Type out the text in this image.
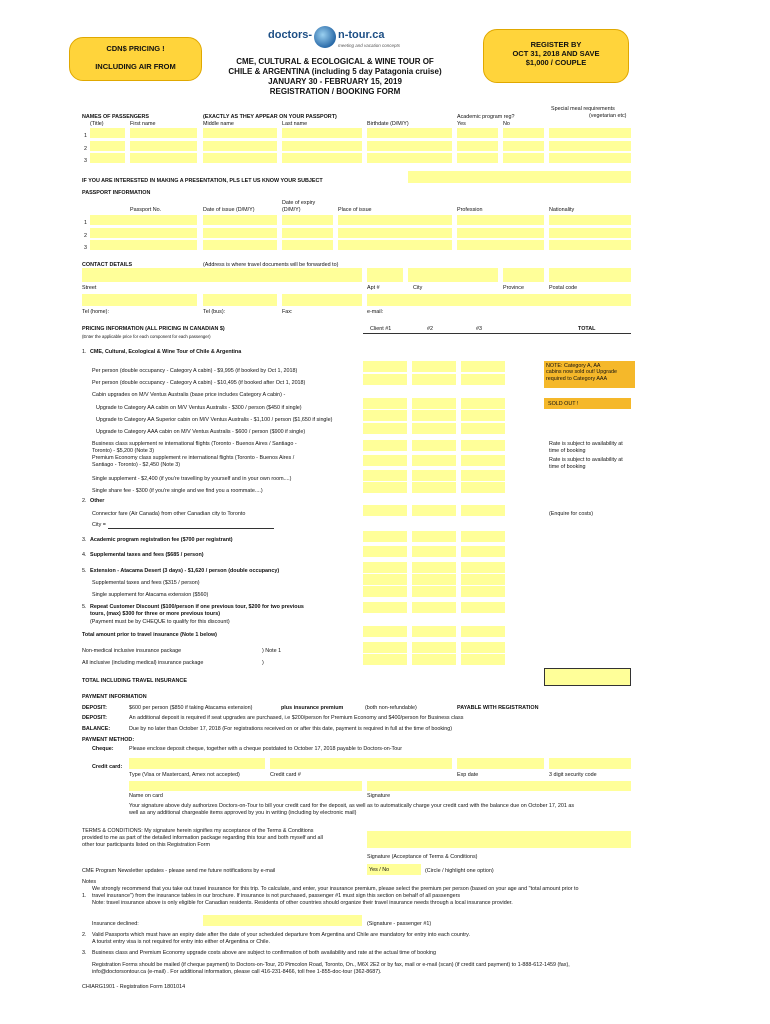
CDN$ PRICING !
INCLUDING AIR FROM
doctors- n-tour.ca
meeting and vacation concepts
CME, CULTURAL & ECOLOGICAL & WINE TOUR OF
CHILE & ARGENTINA (including 5 day Patagonia cruise)
JANUARY 30 - FEBRUARY 15, 2019
REGISTRATION / BOOKING FORM
REGISTER BY
OCT 31, 2018 AND SAVE
$1,000 / COUPLE
Special meal requirements
(vegetarian etc)
NAMES OF PASSENGERS	(EXACTLY AS THEY APPEAR ON YOUR PASSPORT)
(Title)	First name	Middle name	Last name	Birthdate (D/M/Y)
Academic program reg?
Yes	No
1
2
3
IF YOU ARE INTERESTED IN MAKING A PRESENTATION, PLS LET US KNOW YOUR SUBJECT
PASSPORT INFORMATION
Passport No.	Date of issue (D/M/Y)
Date of expiry
(D/M/Y)	Place of issue	Profession	Nationality
1
2
3
CONTACT DETAILS	(Address is where travel documents will be forwarded to)
Street	Apt #	City	Province	Postal code
Tel (home):	Tel (bus):	Fax:	e-mail:
PRICING INFORMATION (ALL PRICING IN CANADIAN $)
(Enter the applicable price for each component for each passenger)
Client #1	#2	#3	TOTAL
1. CME, Cultural, Ecological & Wine Tour of Chile & Argentina
Per person (double occupancy - Category A cabin) - $9,995 (if booked by Oct 1, 2018)
NOTE: Category A, AA
cabins now sold out! Upgrade
required to Category AAA
Per person (double occupancy - Category A cabin) - $10,495 (if booked after Oct 1, 2018)
Cabin upgrades on M/V Ventus Australis (base price includes Category A cabin) -
Upgrade to Category AA cabin on M/V Ventus Australis - $300 / person ($450 if single)
SOLD OUT !
Upgrade to Category AA Superior cabin on M/V Ventus Australis - $1,100 / person ($1,650 if single)
Upgrade to Category AAA cabin on M/V Ventus Australis - $600 / person ($900 if single)
Business class supplement re international flights (Toronto - Buenos Aires / Santiago -
Toronto) - $5,200 (Note 3)
Rate is subject to availability at
time of booking
Premium Economy class supplement re international flights (Toronto - Buenos Aires /
Santiago - Toronto) - $2,450 (Note 3)
Rate is subject to availability at
time of booking
Single supplement - $2,400 (if you're travelling by yourself and in your own room....)
Single share fee - $300 (if you're single and we find you a roommate....)
2. Other
Connector fare (Air Canada) from other Canadian city to Toronto	(Enquire for costs)
City =
3. Academic program registration fee ($700 per registrant)
4. Supplemental taxes and fees ($685 / person)
5. Extension - Atacama Desert (3 days) - $1,620 / person (double occupancy)
Supplemental taxes and fees ($315 / person)
Single supplement for Atacama extension ($560)
5. Repeat Customer Discount ($100/person if one previous tour, $200 for two previous
tours, (max) $300 for three or more previous tours)
(Payment must be by CHEQUE to qualify for this discount)
Total amount prior to travel insurance (Note 1 below)
Non-medical inclusive insurance package	) Note 1
All inclusive (including medical) insurance package	)
TOTAL INCLUDING TRAVEL INSURANCE
PAYMENT INFORMATION
DEPOSIT:	$600 per person ($850 if taking Atacama extension)	plus insurance premium	(both non-refundable)	PAYABLE WITH REGISTRATION
DEPOSIT:	An additional deposit is required if seat upgrades are purchased, i.e $200/person for Premium Economy and $400/person for Business class
BALANCE:	Due by no later than October 17, 2018 (For registrations received on or after this date, payment is required in full at the time of booking)
PAYMENT METHOD:
Cheque:	Please enclose deposit cheque, together with a cheque postdated to October 17, 2018 payable to Doctors-on-Tour
Credit card:
Type (Visa or Mastercard, Amex not accepted)	Credit card #	Exp date	3 digit security code
Name on card	Signature
Your signature above duly authorizes Doctors-on-Tour to bill your credit card for the deposit, as well as to automatically charge your credit card with the balance due on October 17, 201 as
well as any additional chargeable items approved by you in writing (including by electronic mail)
TERMS & CONDITIONS: My signature herein signifies my acceptance of the Terms & Conditions
provided to me as part of the detailed information package regarding this tour and both myself and all
other tour participants listed on this Registration Form
Signature (Acceptance of Terms & Conditions)
CME Program Newsletter updates - please send me future notifications by e-mail	Yes / No	(Circle / highlight one option)
Notes
We strongly recommend that you take out travel insurance for this trip. To calculate, and enter, your insurance premium, please select the premium per person (based on your age and "total amount prior to
1. travel insurance") from the insurance tables in our brochure. If insurance is not purchased, passenger #1 must sign this section on behalf of all passengers
Note: travel insurance above is only eligible for Canadian residents. Residents of other countries should organize their travel insurance needs through a local insurance provider.
Insurance declined:	(Signature - passenger #1)
2. Valid Passports which must have an expiry date after the date of your scheduled departure from Argentina and Chile are mandatory for entry into each country.
A tourist entry visa is not required for entry into either of Argentina or Chile.
3. Business class and Premium Economy upgrade costs above are subject to confirmation of both availability and rate at the actual time of booking
Registration Forms should be mailed (if cheque payment) to Doctors-on-Tour, 20 Pimcolon Road, Toronto, On., M6X 2E2 or by fax, mail or e-mail (scan) (if credit card payment) to 1-888-612-1459 (fax),
info@doctorsontour.ca (e-mail) . For additional information, please call 416-231-8466, toll free 1-855-doc-tour (362-8687).
CHIARG1901 - Registration Form 1801014
